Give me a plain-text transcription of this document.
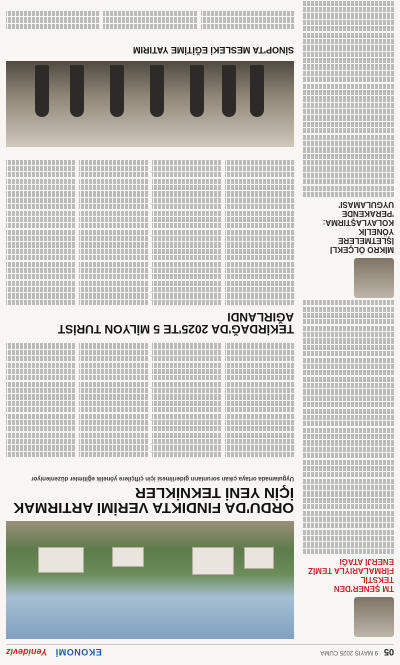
05
9 MAYIS 2025 CUMA
EKONOMİ
Yenideviz
TM ŞENER'DEN TEKSTİL FİRMALARIYLA TEMİZ ENERJİ ATAĞI
MİKRO ÖLÇEKLİ İŞLETMELERE YÖNELİK KOLAYLAŞTIRMA: 'PERAKENDE UYGULAMASI'
ORDU'DA FINDIKTA VERİMİ ARTIRMAK İÇİN YENİ TEKNİKLER
Uygulamada ortaya çıkan sorunların giderilmesi için çiftçilere yönelik eğitimler düzenleniyor
TEKİRDAĞ'DA 2025'TE 5 MİLYON TURİST AĞIRLANDI
SİNOP'TA MESLEKİ EĞİTİME YATIRIM
